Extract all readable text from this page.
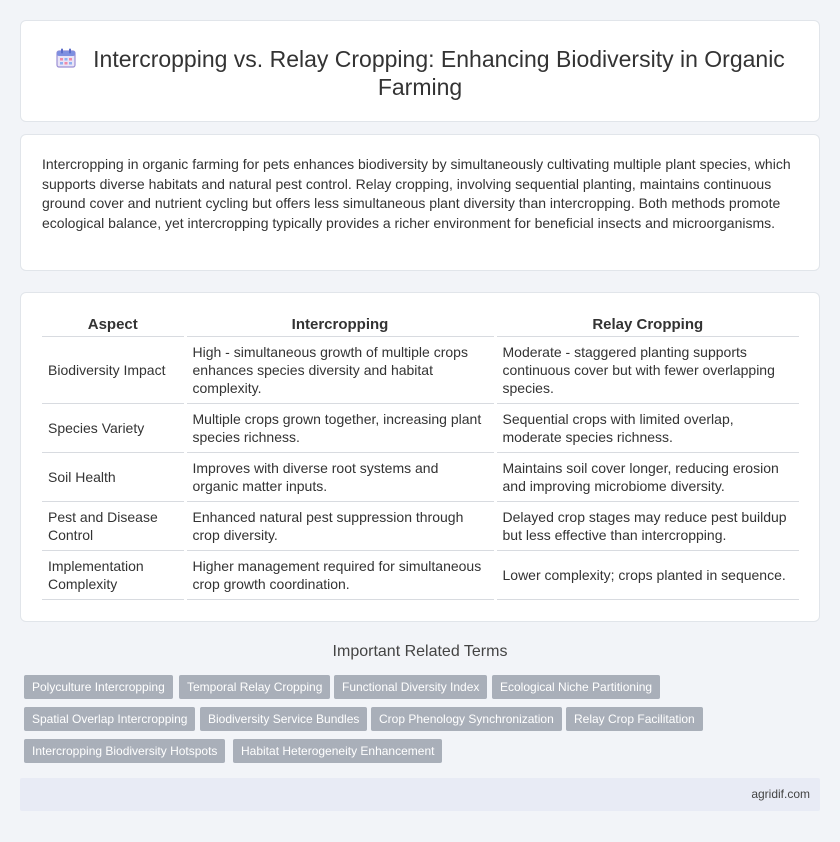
Intercropping vs. Relay Cropping: Enhancing Biodiversity in Organic Farming

Intercropping in organic farming for pets enhances biodiversity by simultaneously cultivating multiple plant species, which supports diverse habitats and natural pest control. Relay cropping, involving sequential planting, maintains continuous ground cover and nutrient cycling but offers less simultaneous plant diversity than intercropping. Both methods promote ecological balance, yet intercropping typically provides a richer environment for beneficial insects and microorganisms.

Aspect	Intercropping	Relay Cropping
Biodiversity Impact	High - simultaneous growth of multiple crops enhances species diversity and habitat complexity.	Moderate - staggered planting supports continuous cover but with fewer overlapping species.
Species Variety	Multiple crops grown together, increasing plant species richness.	Sequential crops with limited overlap, moderate species richness.
Soil Health	Improves with diverse root systems and organic matter inputs.	Maintains soil cover longer, reducing erosion and improving microbiome diversity.
Pest and Disease Control	Enhanced natural pest suppression through crop diversity.	Delayed crop stages may reduce pest buildup but less effective than intercropping.
Implementation Complexity	Higher management required for simultaneous crop growth coordination.	Lower complexity; crops planted in sequence.
Important Related Terms
Polyculture Intercropping	Temporal Relay Cropping	Functional Diversity Index	Ecological Niche Partitioning
Spatial Overlap Intercropping	Biodiversity Service Bundles	Crop Phenology Synchronization	Relay Crop Facilitation
Intercropping Biodiversity Hotspots	Habitat Heterogeneity Enhancement
agridif.com
